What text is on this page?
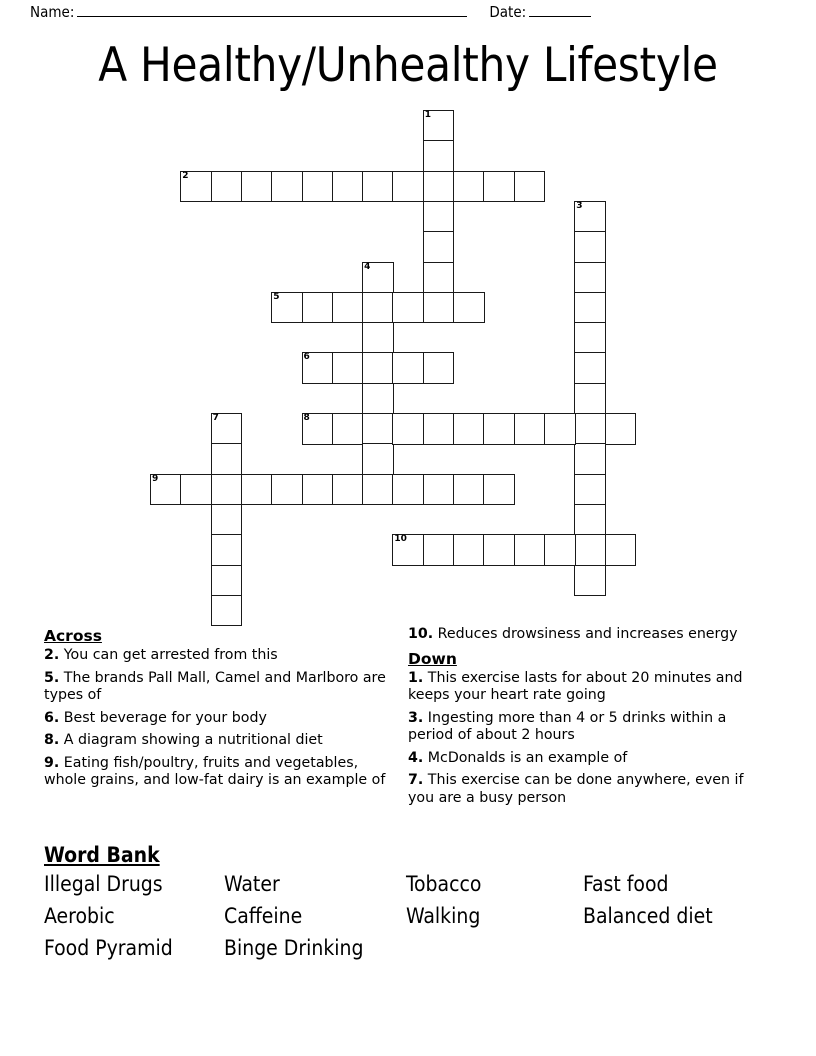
Name:	Date:
A Healthy/Unhealthy Lifestyle
1
2
3
4
5
6
7	8
9
10
Across
2. You can get arrested from this
5. The brands Pall Mall, Camel and Marlboro are types of
6. Best beverage for your body
8. A diagram showing a nutritional diet
9. Eating fish/poultry, fruits and vegetables, whole grains, and low-fat dairy is an example of
10. Reduces drowsiness and increases energy
Down
1. This exercise lasts for about 20 minutes and keeps your heart rate going
3. Ingesting more than 4 or 5 drinks within a period of about 2 hours
4. McDonalds is an example of
7. This exercise can be done anywhere, even if you are a busy person
Word Bank
Illegal Drugs	Water	Tobacco	Fast food
Aerobic	Caffeine	Walking	Balanced diet
Food Pyramid	Binge Drinking
